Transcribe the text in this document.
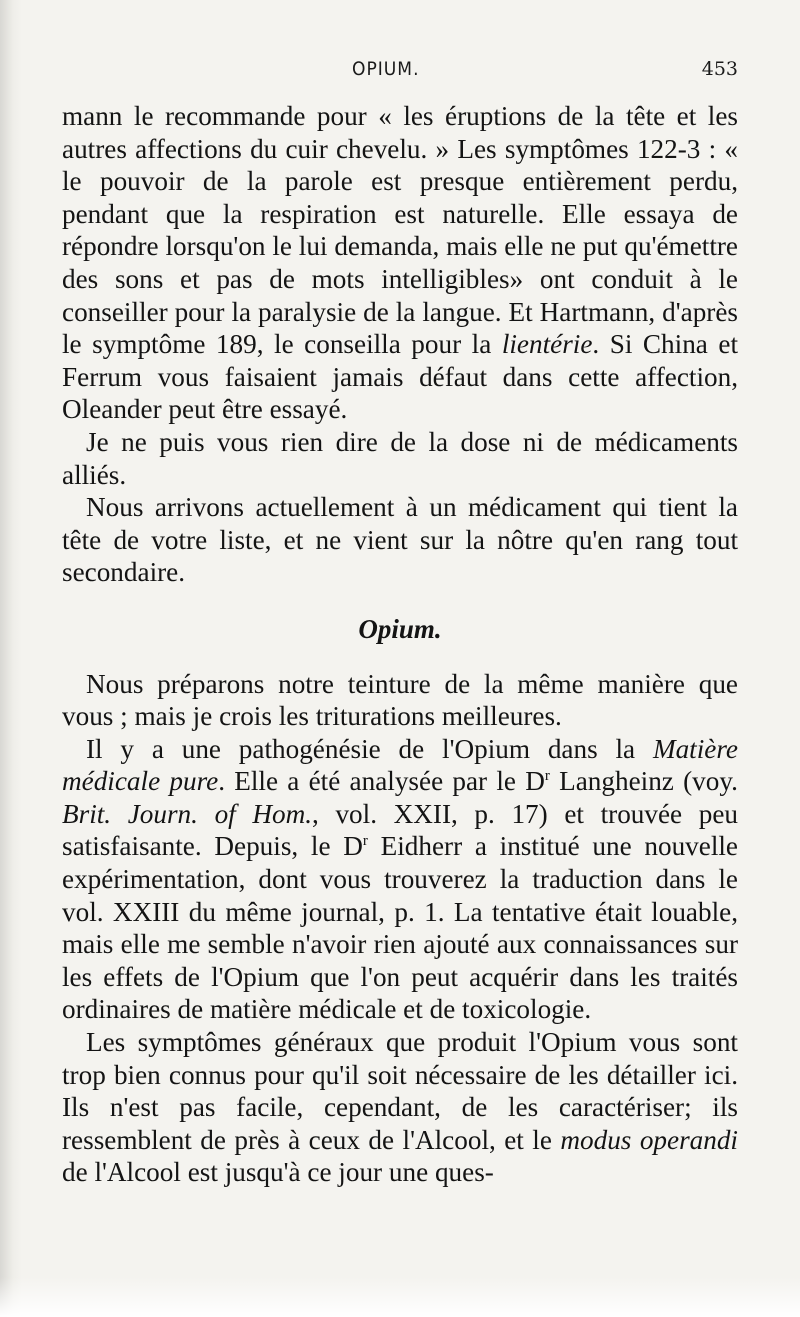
OPIUM.	453

mann le recommande pour « les éruptions de la tête et les autres affections du cuir chevelu. » Les symptômes 122-3 : « le pouvoir de la parole est presque entièrement perdu, pendant que la respiration est naturelle. Elle essaya de répondre lorsqu'on le lui demanda, mais elle ne put qu'émettre des sons et pas de mots intelligibles» ont conduit à le conseiller pour la paralysie de la langue. Et Hartmann, d'après le symptôme 189, le conseilla pour la lientérie. Si China et Ferrum vous faisaient jamais défaut dans cette affection, Oleander peut être essayé.

Je ne puis vous rien dire de la dose ni de médicaments alliés.

Nous arrivons actuellement à un médicament qui tient la tête de votre liste, et ne vient sur la nôtre qu'en rang tout secondaire.

Opium.

Nous préparons notre teinture de la même manière que vous ; mais je crois les triturations meilleures.

Il y a une pathogénésie de l'Opium dans la Matière médicale pure. Elle a été analysée par le $D^r$ Langheinz (voy. Brit. Journ. of Hom., vol. XXII, p. 17) et trouvée peu satisfaisante. Depuis, le $D^r$ Eidherr a institué une nouvelle expérimentation, dont vous trouverez la traduction dans le vol. XXIII du même journal, p. 1. La tentative était louable, mais elle me semble n'avoir rien ajouté aux connaissances sur les effets de l'Opium que l'on peut acquérir dans les traités ordinaires de matière médicale et de toxicologie.

Les symptômes généraux que produit l'Opium vous sont trop bien connus pour qu'il soit nécessaire de les détailler ici. Ils n'est pas facile, cependant, de les caractériser; ils ressemblent de près à ceux de l'Alcool, et le modus operandi de l'Alcool est jusqu'à ce jour une ques-
